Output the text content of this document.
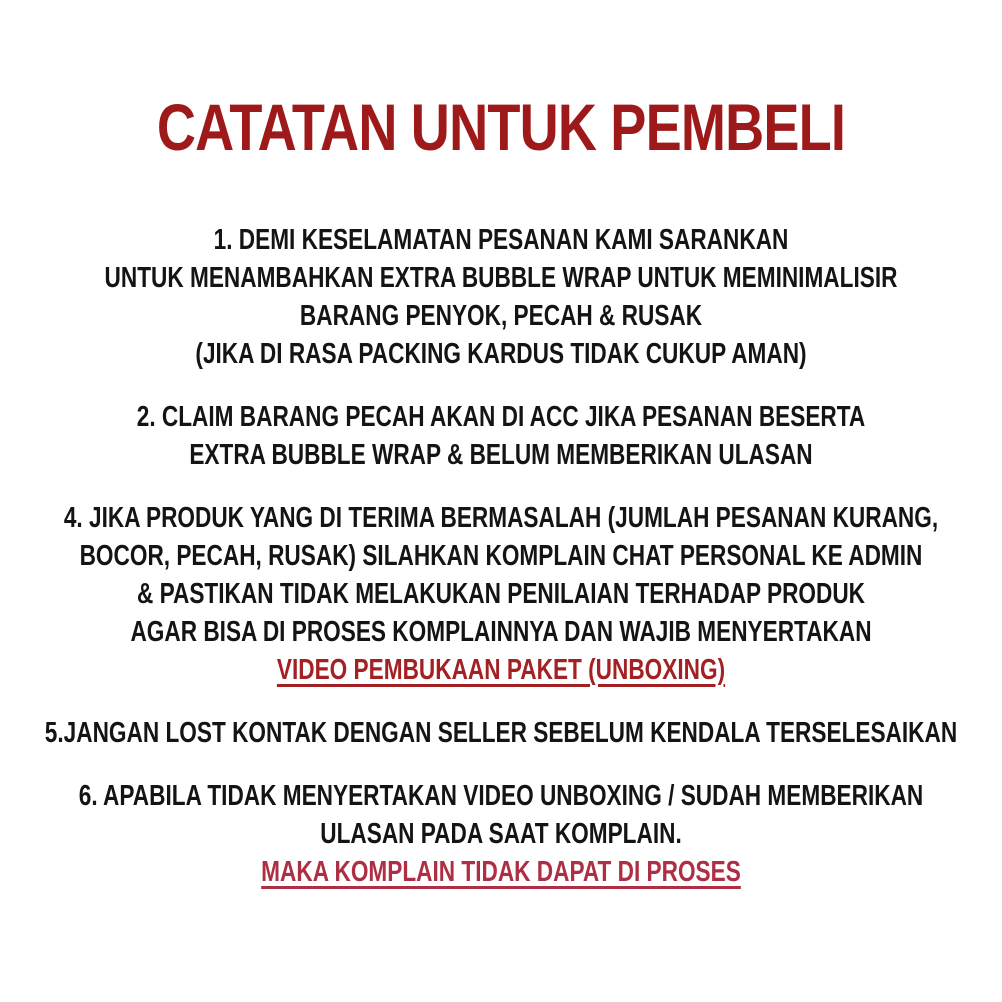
CATATAN UNTUK PEMBELI
1. DEMI KESELAMATAN PESANAN KAMI SARANKAN
UNTUK MENAMBAHKAN EXTRA BUBBLE WRAP UNTUK MEMINIMALISIR
BARANG PENYOK, PECAH & RUSAK
(JIKA DI RASA PACKING KARDUS TIDAK CUKUP AMAN)
2. CLAIM BARANG PECAH AKAN DI ACC JIKA PESANAN BESERTA
EXTRA BUBBLE WRAP & BELUM MEMBERIKAN ULASAN
4. JIKA PRODUK YANG DI TERIMA BERMASALAH (JUMLAH PESANAN KURANG,
BOCOR, PECAH, RUSAK) SILAHKAN KOMPLAIN CHAT PERSONAL KE ADMIN
& PASTIKAN TIDAK MELAKUKAN PENILAIAN TERHADAP PRODUK
AGAR BISA DI PROSES KOMPLAINNYA DAN WAJIB MENYERTAKAN
VIDEO PEMBUKAAN PAKET (UNBOXING)
5.JANGAN LOST KONTAK DENGAN SELLER SEBELUM KENDALA TERSELESAIKAN
6. APABILA TIDAK MENYERTAKAN VIDEO UNBOXING / SUDAH MEMBERIKAN
ULASAN PADA SAAT KOMPLAIN.
MAKA KOMPLAIN TIDAK DAPAT DI PROSES
